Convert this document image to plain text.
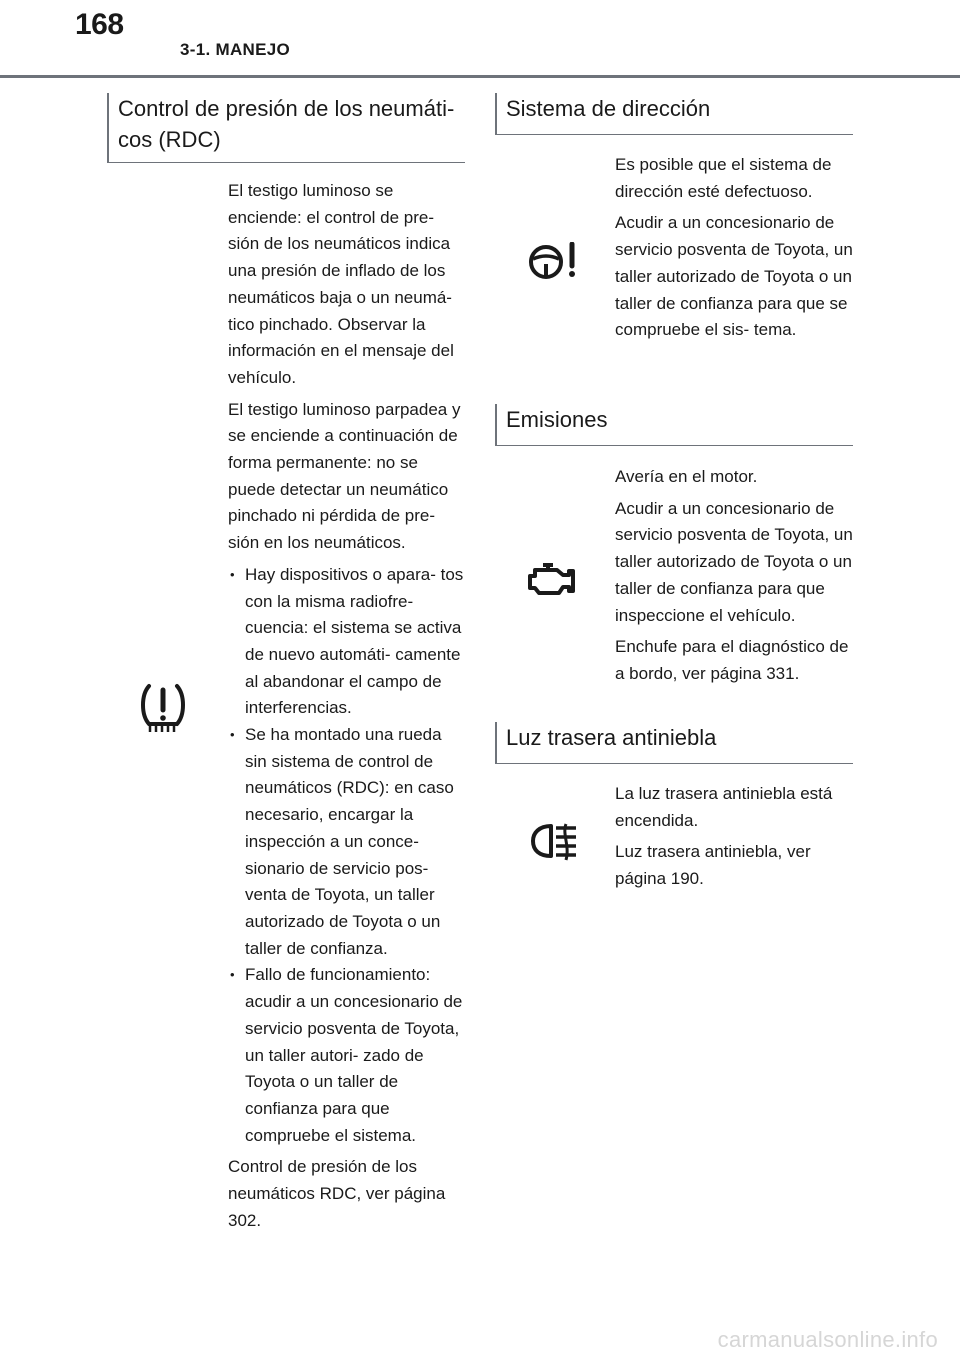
168
3-1. MANEJO
Control de presión de los neumáti-
cos (RDC)

El testigo luminoso se enciende: el control de pre- sión de los neumáticos indica una presión de inflado de los neumáticos baja o un neumá- tico pinchado. Observar la información en el mensaje del vehículo.

El testigo luminoso parpadea y se enciende a continuación de forma permanente: no se puede detectar un neumático pinchado ni pérdida de pre- sión en los neumáticos.

• Hay dispositivos o apara- tos con la misma radiofre- cuencia: el sistema se activa de nuevo automáti- camente al abandonar el campo de interferencias.
• Se ha montado una rueda sin sistema de control de neumáticos (RDC): en caso necesario, encargar la inspección a un conce- sionario de servicio pos- venta de Toyota, un taller autorizado de Toyota o un taller de confianza.
• Fallo de funcionamiento: acudir a un concesionario de servicio posventa de Toyota, un taller autori- zado de Toyota o un taller de confianza para que compruebe el sistema.

Control de presión de los neumáticos RDC, ver página 302.

Sistema de dirección

Es posible que el sistema de dirección esté defectuoso.

Acudir a un concesionario de servicio posventa de Toyota, un taller autorizado de Toyota o un taller de confianza para que se compruebe el sis- tema.

Emisiones

Avería en el motor.

Acudir a un concesionario de servicio posventa de Toyota, un taller autorizado de Toyota o un taller de confianza para que inspeccione el vehículo.

Enchufe para el diagnóstico de a bordo, ver página 331.

Luz trasera antiniebla

La luz trasera antiniebla está encendida.

Luz trasera antiniebla, ver página 190.

carmanualsonline.info
